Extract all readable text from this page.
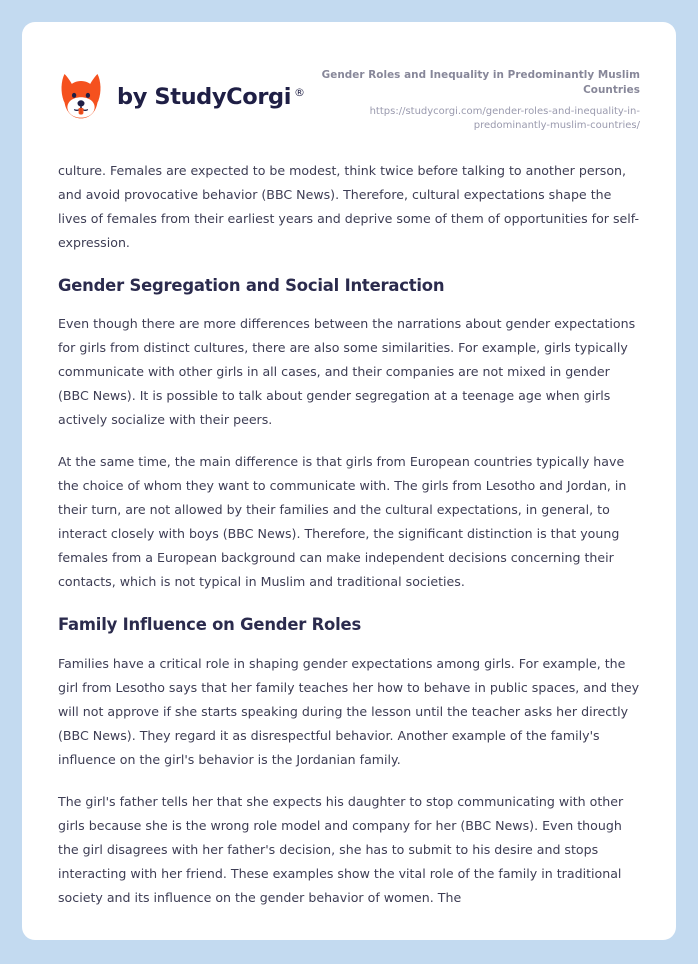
by StudyCorgi ®
Gender Roles and Inequality in Predominantly Muslim Countries
https://studycorgi.com/gender-roles-and-inequality-in-predominantly-muslim-countries/

culture. Females are expected to be modest, think twice before talking to another person, and avoid provocative behavior (BBC News). Therefore, cultural expectations shape the lives of females from their earliest years and deprive some of them of opportunities for self-expression.

Gender Segregation and Social Interaction

Even though there are more differences between the narrations about gender expectations for girls from distinct cultures, there are also some similarities. For example, girls typically communicate with other girls in all cases, and their companies are not mixed in gender (BBC News). It is possible to talk about gender segregation at a teenage age when girls actively socialize with their peers.

At the same time, the main difference is that girls from European countries typically have the choice of whom they want to communicate with. The girls from Lesotho and Jordan, in their turn, are not allowed by their families and the cultural expectations, in general, to interact closely with boys (BBC News). Therefore, the significant distinction is that young females from a European background can make independent decisions concerning their contacts, which is not typical in Muslim and traditional societies.

Family Influence on Gender Roles

Families have a critical role in shaping gender expectations among girls. For example, the girl from Lesotho says that her family teaches her how to behave in public spaces, and they will not approve if she starts speaking during the lesson until the teacher asks her directly (BBC News). They regard it as disrespectful behavior. Another example of the family's influence on the girl's behavior is the Jordanian family.

The girl's father tells her that she expects his daughter to stop communicating with other girls because she is the wrong role model and company for her (BBC News). Even though the girl disagrees with her father's decision, she has to submit to his desire and stops interacting with her friend. These examples show the vital role of the family in traditional society and its influence on the gender behavior of women. The
